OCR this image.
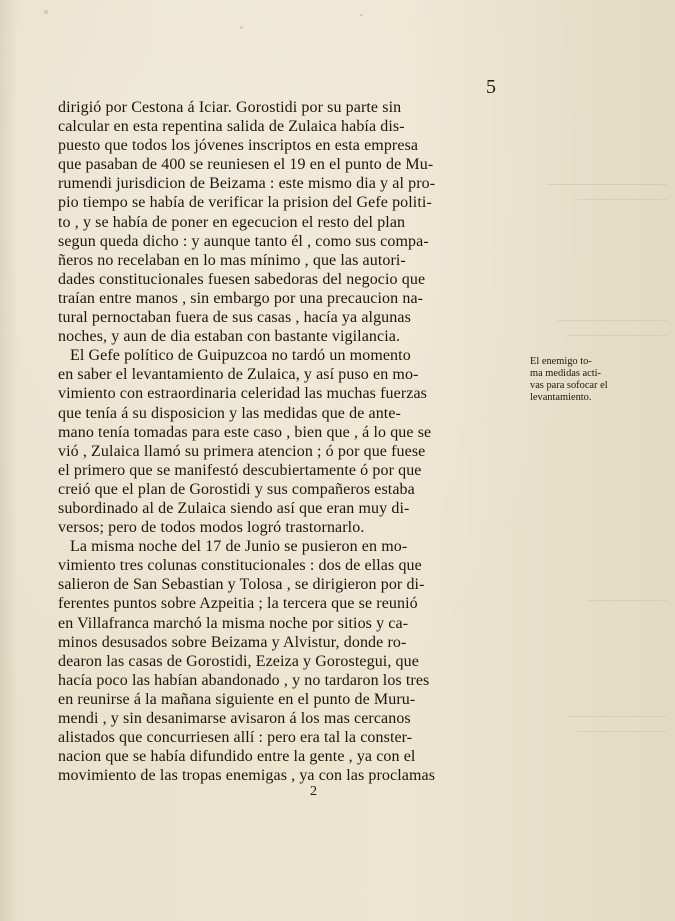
5
dirigió por Cestona á Iciar. Gorostidi por su parte sin
calcular en esta repentina salida de Zulaica había dis-
puesto que todos los jóvenes inscriptos en esta empresa
que pasaban de 400 se reuniesen el 19 en el punto de Mu-
rumendi jurisdicion de Beizama : este mismo dia y al pro-
pio tiempo se había de verificar la prision del Gefe politi-
to , y se había de poner en egecucion el resto del plan
segun queda dicho : y aunque tanto él , como sus compa-
ñeros no recelaban en lo mas mínimo , que las autori-
dades constitucionales fuesen sabedoras del negocio que
traían entre manos , sin embargo por una precaucion na-
tural pernoctaban fuera de sus casas , hacía ya algunas
noches, y aun de dia estaban con bastante vigilancia.
El Gefe político de Guipuzcoa no tardó un momento
en saber el levantamiento de Zulaica, y así puso en mo-
vimiento con estraordinaria celeridad las muchas fuerzas
que tenía á su disposicion y las medidas que de ante-
mano tenía tomadas para este caso , bien que , á lo que se
vió , Zulaica llamó su primera atencion ; ó por que fuese
el primero que se manifestó descubiertamente ó por que
creió que el plan de Gorostidi y sus compañeros estaba
subordinado al de Zulaica siendo así que eran muy di-
versos; pero de todos modos logró trastornarlo.
La misma noche del 17 de Junio se pusieron en mo-
vimiento tres colunas constitucionales : dos de ellas que
salieron de San Sebastian y Tolosa , se dirigieron por di-
ferentes puntos sobre Azpeitia ; la tercera que se reunió
en Villafranca marchó la misma noche por sitios y ca-
minos desusados sobre Beizama y Alvistur, donde ro-
dearon las casas de Gorostidi, Ezeiza y Gorostegui, que
hacía poco las habían abandonado , y no tardaron los tres
en reunirse á la mañana siguiente en el punto de Muru-
mendi , y sin desanimarse avisaron á los mas cercanos
alistados que concurriesen allí : pero era tal la conster-
nacion que se había difundido entre la gente , ya con el
movimiento de las tropas enemigas , ya con las proclamas
El enemigo to-
ma medidas acti-
vas para sofocar el
levantamiento.
2
